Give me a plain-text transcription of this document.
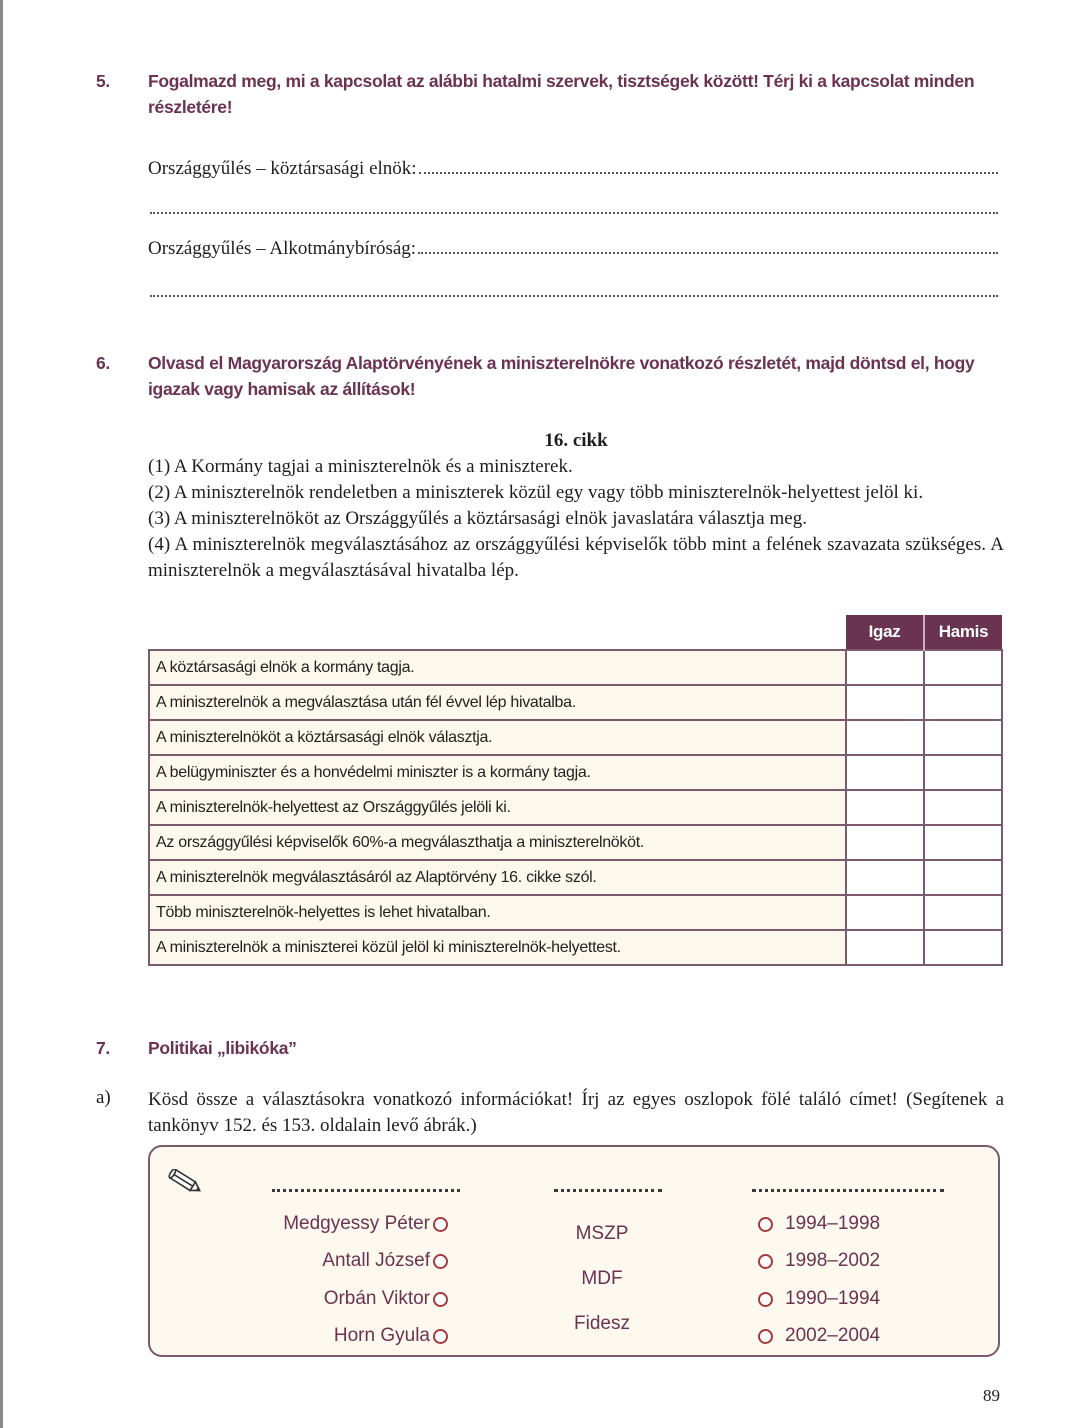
5. Fogalmazd meg, mi a kapcsolat az alábbi hatalmi szervek, tisztségek között! Térj ki a kapcsolat minden részletére!
Országgyűlés – köztársasági elnök:
Országgyűlés – Alkotmánybíróság:
6. Olvasd el Magyarország Alaptörvényének a miniszterelnökre vonatkozó részletét, majd döntsd el, hogy igazak vagy hamisak az állítások!
16. cikk

(1) A Kormány tagjai a miniszterelnök és a miniszterek.

(2) A miniszterelnök rendeletben a miniszterek közül egy vagy több miniszterelnök-helyettest jelöl ki.

(3) A miniszterelnököt az Országgyűlés a köztársasági elnök javaslatára választja meg.

(4) A miniszterelnök megválasztásához az országgyűlési képviselők több mint a felének szavazata szükséges. A miniszterelnök a megválasztásával hivatalba lép.

	Igaz	Hamis
A köztársasági elnök a kormány tagja.		
A miniszterelnök a megválasztása után fél évvel lép hivatalba.		
A miniszterelnököt a köztársasági elnök választja.		
A belügyminiszter és a honvédelmi miniszter is a kormány tagja.		
A miniszterelnök-helyettest az Országgyűlés jelöli ki.		
Az országgyűlési képviselők 60%-a megválaszthatja a miniszterelnököt.		
A miniszterelnök megválasztásáról az Alaptörvény 16. cikke szól.		
Több miniszterelnök-helyettes is lehet hivatalban.		
A miniszterelnök a miniszterei közül jelöl ki miniszterelnök-helyettest.		
7. Politikai „libikóka”
a) Kösd össze a választásokra vonatkozó információkat! Írj az egyes oszlopok fölé találó címet! (Segítenek a tankönyv 152. és 153. oldalain levő ábrák.)
Medgyessy Péter
Antall József
Orbán Viktor
Horn Gyula
MSZP
MDF
Fidesz
1994–1998
1998–2002
1990–1994
2002–2004
89
